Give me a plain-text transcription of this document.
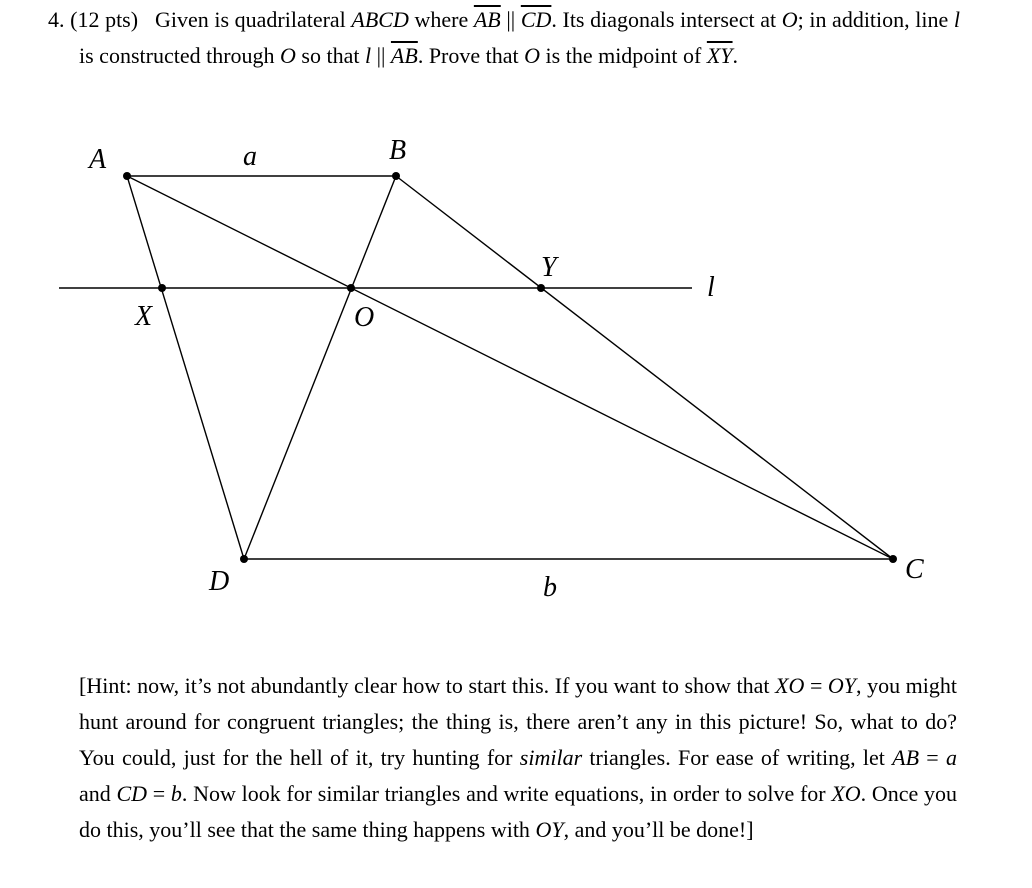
4. (12 pts) Given is quadrilateral ABCD where $\overline{AB}$ || $\overline{CD}$. Its diagonals intersect at O; in addition, line l is constructed through O so that l || $\overline{AB}$. Prove that O is the midpoint of $\overline{XY}$.

A	B
C
D
O
X
Y
l
a
b

[Hint: now, it’s not abundantly clear how to start this. If you want to show that XO = OY, you might hunt around for congruent triangles; the thing is, there aren’t any in this picture! So, what to do? You could, just for the hell of it, try hunting for similar triangles. For ease of writing, let AB = a and CD = b. Now look for similar triangles and write equations, in order to solve for XO. Once you do this, you’ll see that the same thing happens with OY, and you’ll be done!]
